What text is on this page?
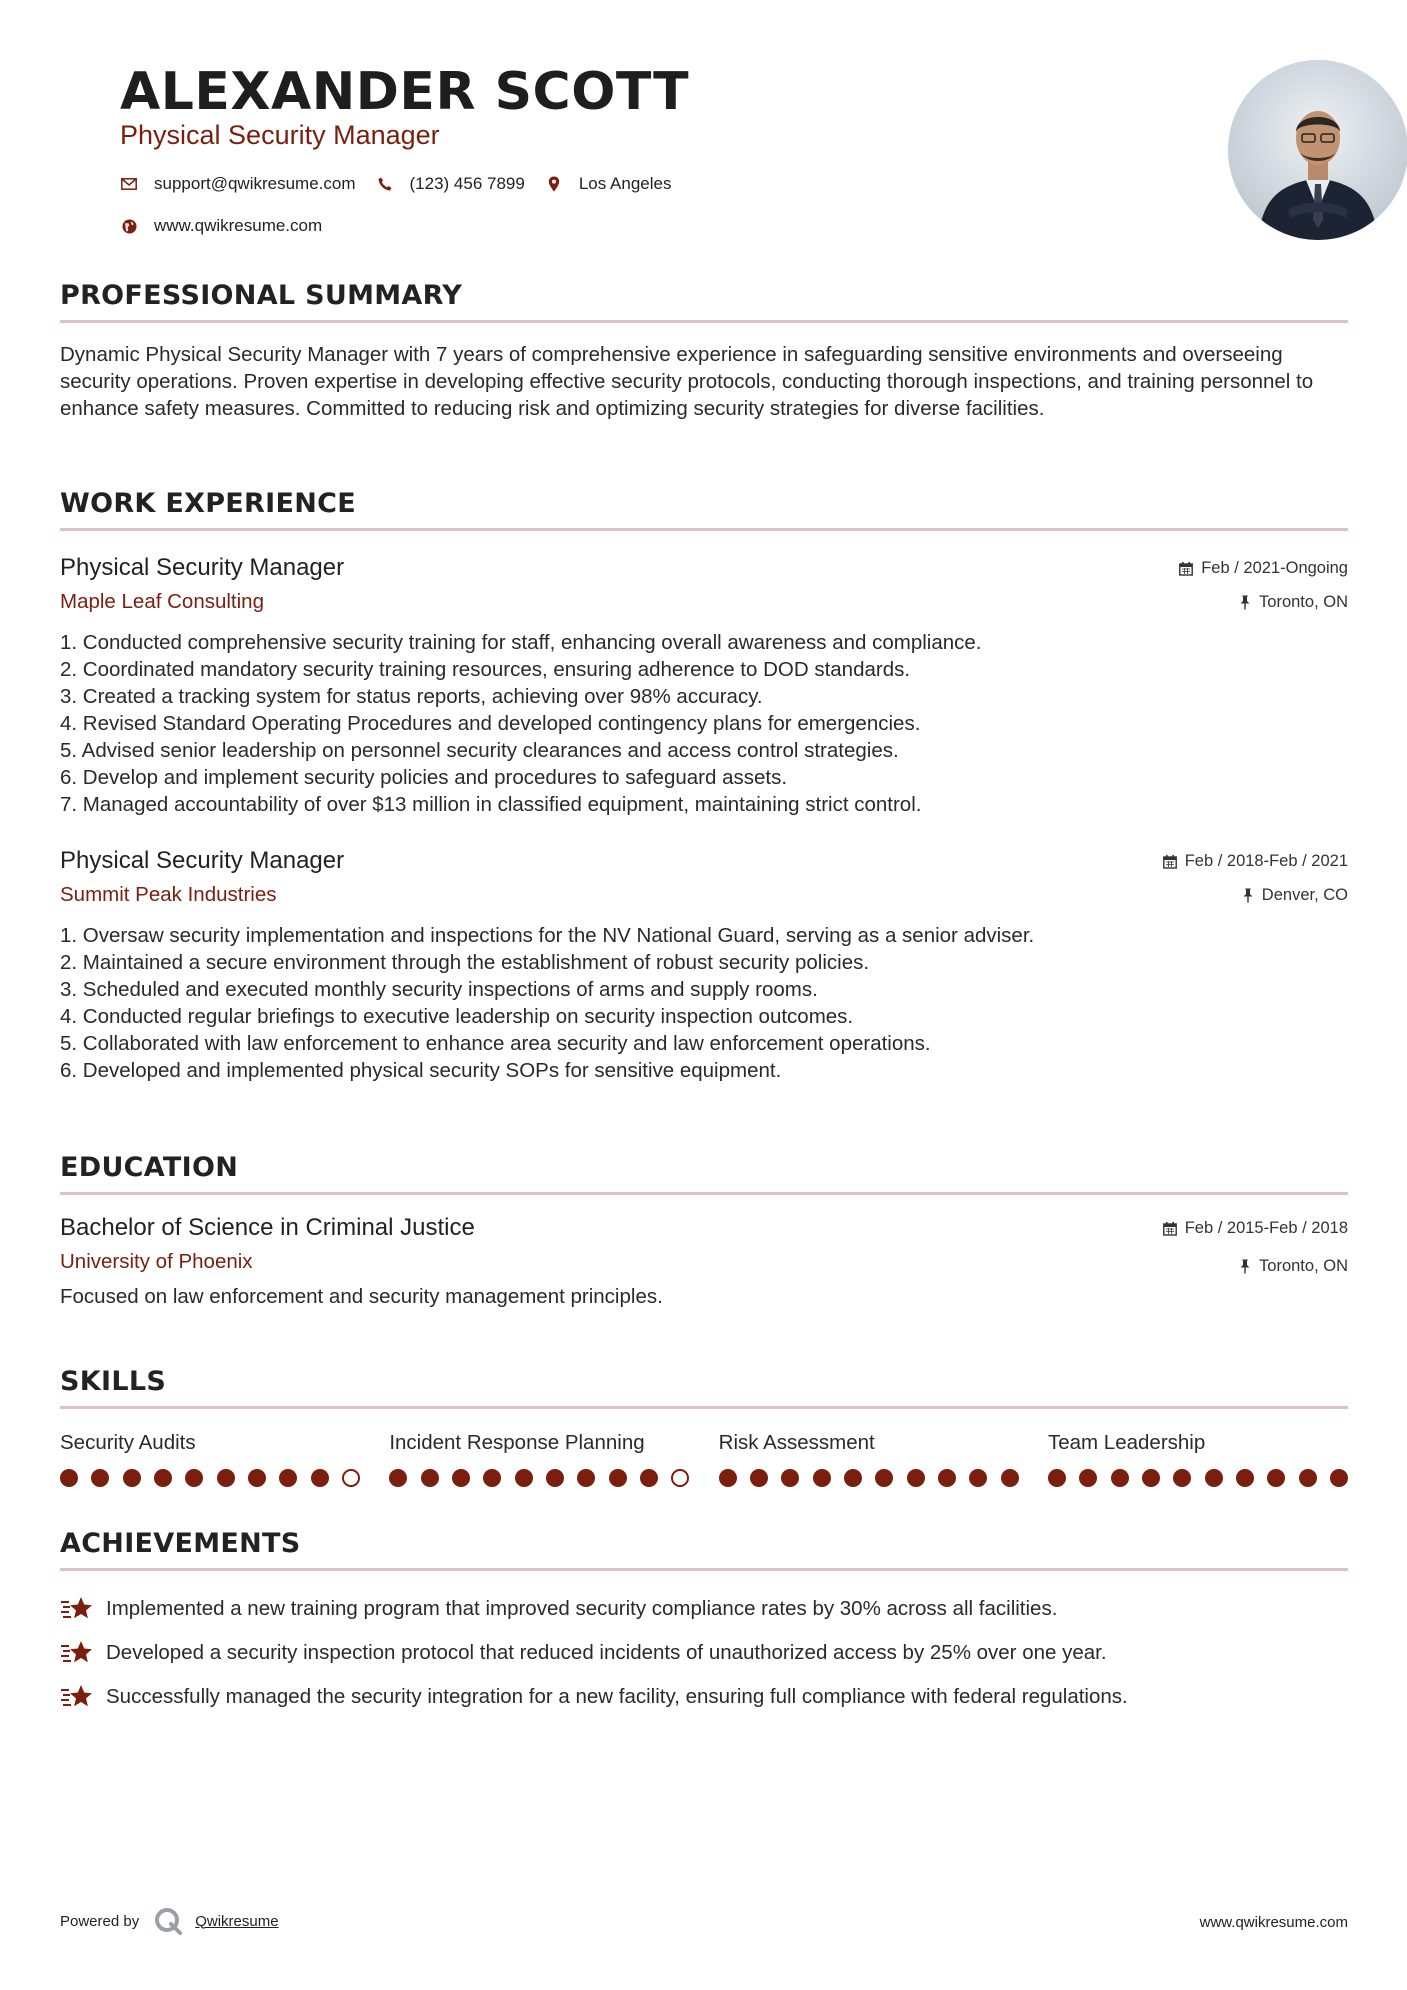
ALEXANDER SCOTT
Physical Security Manager
support@qwikresume.com	(123) 456 7899	Los Angeles
www.qwikresume.com
PROFESSIONAL SUMMARY
Dynamic Physical Security Manager with 7 years of comprehensive experience in safeguarding sensitive environments and overseeing security operations. Proven expertise in developing effective security protocols, conducting thorough inspections, and training personnel to enhance safety measures. Committed to reducing risk and optimizing security strategies for diverse facilities.
WORK EXPERIENCE
Physical Security Manager
Maple Leaf Consulting
Feb / 2021-Ongoing
Toronto, ON
1. Conducted comprehensive security training for staff, enhancing overall awareness and compliance.
2. Coordinated mandatory security training resources, ensuring adherence to DOD standards.
3. Created a tracking system for status reports, achieving over 98% accuracy.
4. Revised Standard Operating Procedures and developed contingency plans for emergencies.
5. Advised senior leadership on personnel security clearances and access control strategies.
6. Develop and implement security policies and procedures to safeguard assets.
7. Managed accountability of over $13 million in classified equipment, maintaining strict control.
Physical Security Manager
Summit Peak Industries
Feb / 2018-Feb / 2021
Denver, CO
1. Oversaw security implementation and inspections for the NV National Guard, serving as a senior adviser.
2. Maintained a secure environment through the establishment of robust security policies.
3. Scheduled and executed monthly security inspections of arms and supply rooms.
4. Conducted regular briefings to executive leadership on security inspection outcomes.
5. Collaborated with law enforcement to enhance area security and law enforcement operations.
6. Developed and implemented physical security SOPs for sensitive equipment.
EDUCATION
Bachelor of Science in Criminal Justice
University of Phoenix
Feb / 2015-Feb / 2018
Toronto, ON
Focused on law enforcement and security management principles.
SKILLS
Security Audits	Incident Response Planning	Risk Assessment	Team Leadership
ACHIEVEMENTS
Implemented a new training program that improved security compliance rates by 30% across all facilities.
Developed a security inspection protocol that reduced incidents of unauthorized access by 25% over one year.
Successfully managed the security integration for a new facility, ensuring full compliance with federal regulations.
Powered by	Qwikresume	www.qwikresume.com
